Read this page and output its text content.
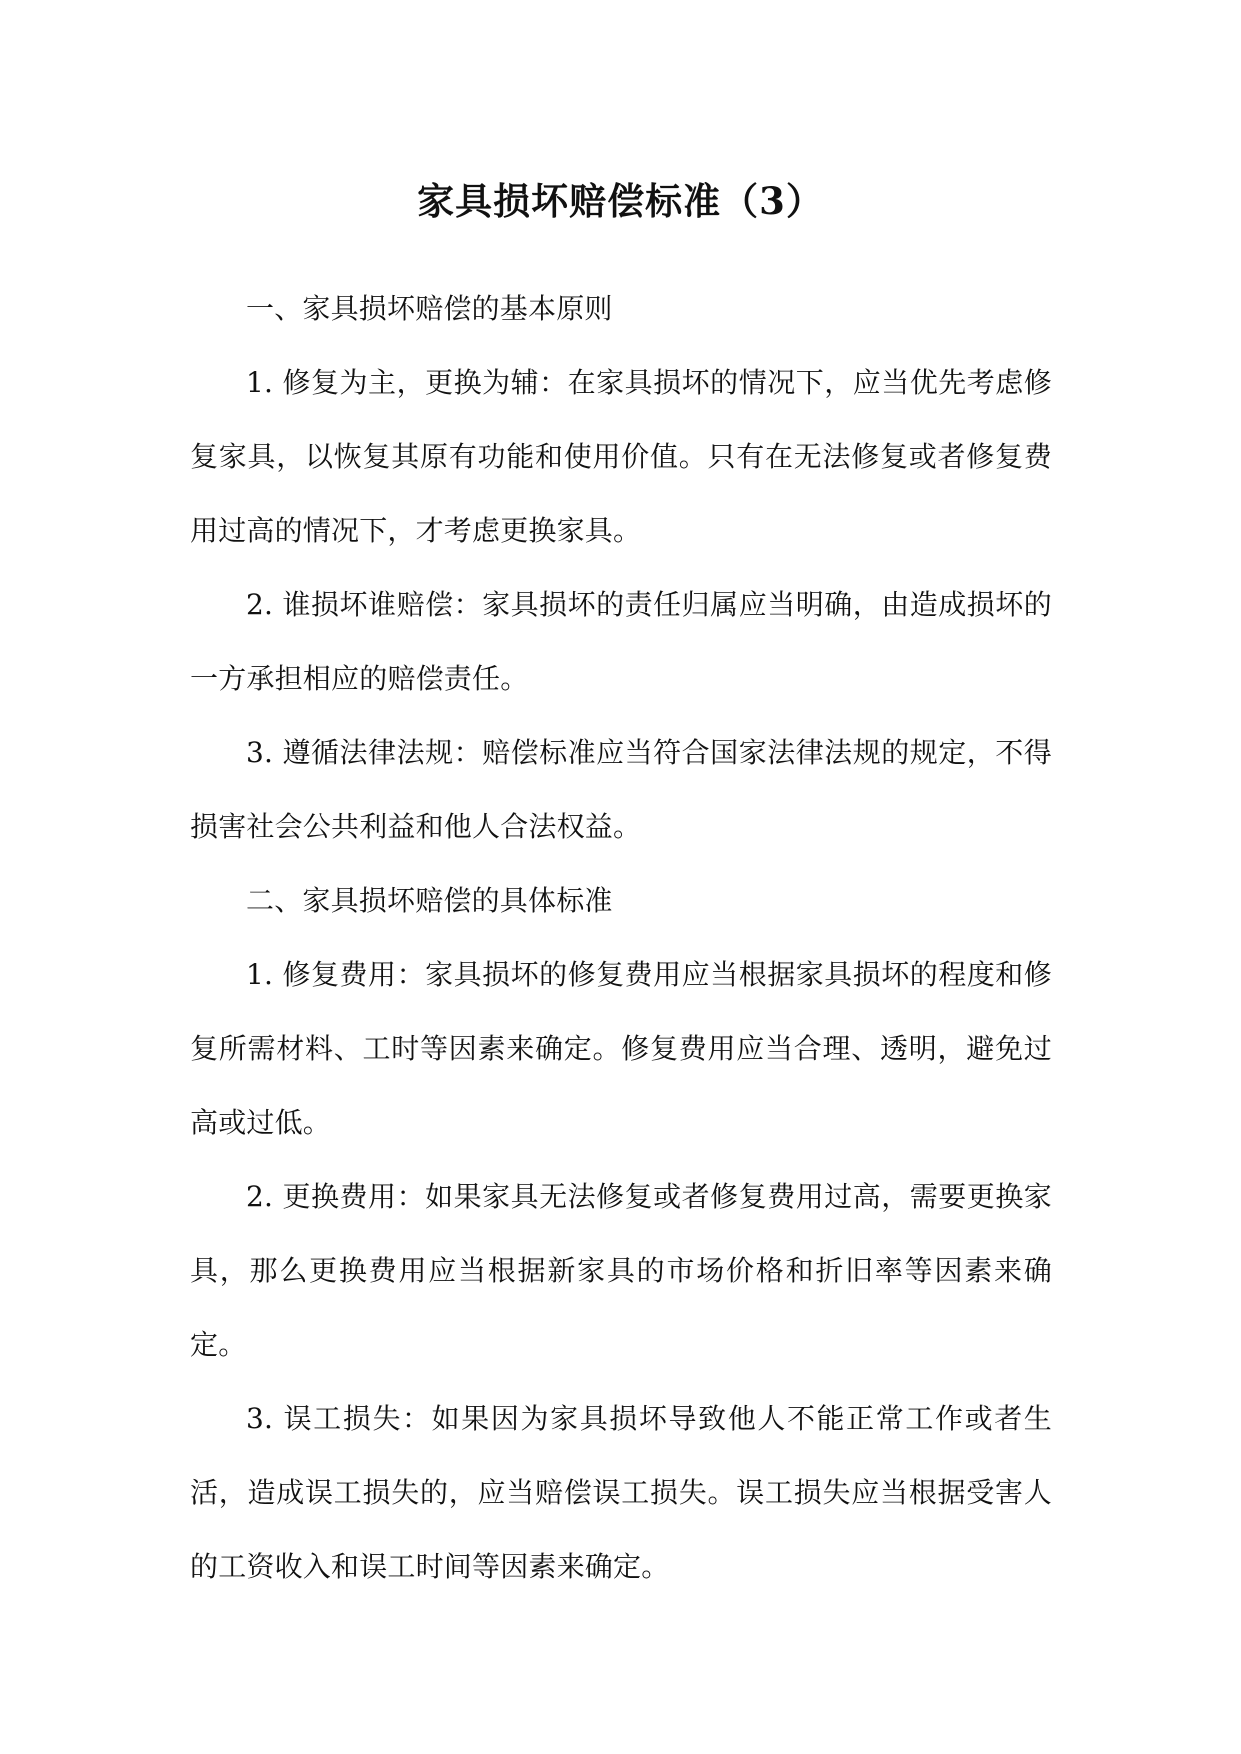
家具损坏赔偿标准（3）

一、家具损坏赔偿的基本原则

1. 修复为主，更换为辅：在家具损坏的情况下，应当优先考虑修复家具，以恢复其原有功能和使用价值。只有在无法修复或者修复费用过高的情况下，才考虑更换家具。

2. 谁损坏谁赔偿：家具损坏的责任归属应当明确，由造成损坏的一方承担相应的赔偿责任。

3. 遵循法律法规：赔偿标准应当符合国家法律法规的规定，不得损害社会公共利益和他人合法权益。

二、家具损坏赔偿的具体标准

1. 修复费用：家具损坏的修复费用应当根据家具损坏的程度和修复所需材料、工时等因素来确定。修复费用应当合理、透明，避免过高或过低。

2. 更换费用：如果家具无法修复或者修复费用过高，需要更换家具，那么更换费用应当根据新家具的市场价格和折旧率等因素来确定。

3. 误工损失：如果因为家具损坏导致他人不能正常工作或者生活，造成误工损失的，应当赔偿误工损失。误工损失应当根据受害人的工资收入和误工时间等因素来确定。
